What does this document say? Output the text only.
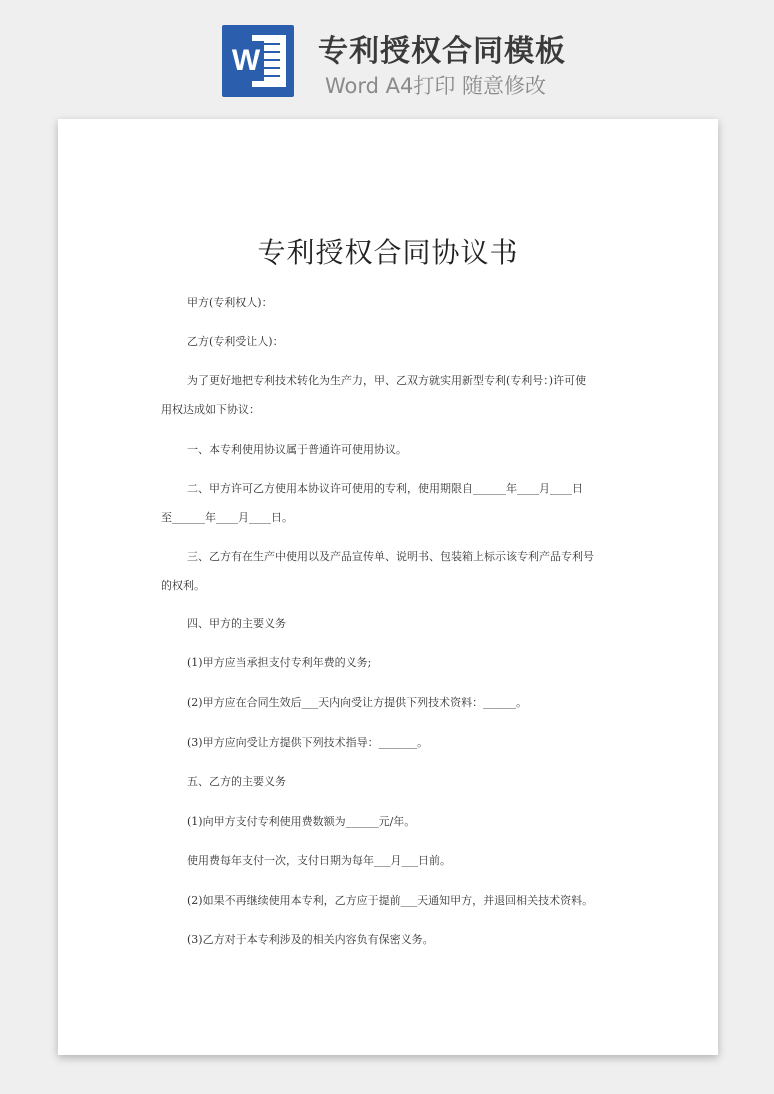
W 专利授权合同模板
Word A4打印 随意修改

专利授权合同协议书
甲方(专利权人)：
乙方(专利受让人)：
为了更好地把专利技术转化为生产力，甲、乙双方就实用新型专利(专利号：)许可使
用权达成如下协议：
一、本专利使用协议属于普通许可使用协议。
二、甲方许可乙方使用本协议许可使用的专利，使用期限自______年____月____日
至______年____月____日。
三、乙方有在生产中使用以及产品宣传单、说明书、包装箱上标示该专利产品专利号
的权利。
四、甲方的主要义务
(1)甲方应当承担支付专利年费的义务;
(2)甲方应在合同生效后___天内向受让方提供下列技术资料：______。
(3)甲方应向受让方提供下列技术指导：_______。
五、乙方的主要义务
(1)向甲方支付专利使用费数额为______元/年。
使用费每年支付一次，支付日期为每年___月___日前。
(2)如果不再继续使用本专利，乙方应于提前___天通知甲方，并退回相关技术资料。
(3)乙方对于本专利涉及的相关内容负有保密义务。
